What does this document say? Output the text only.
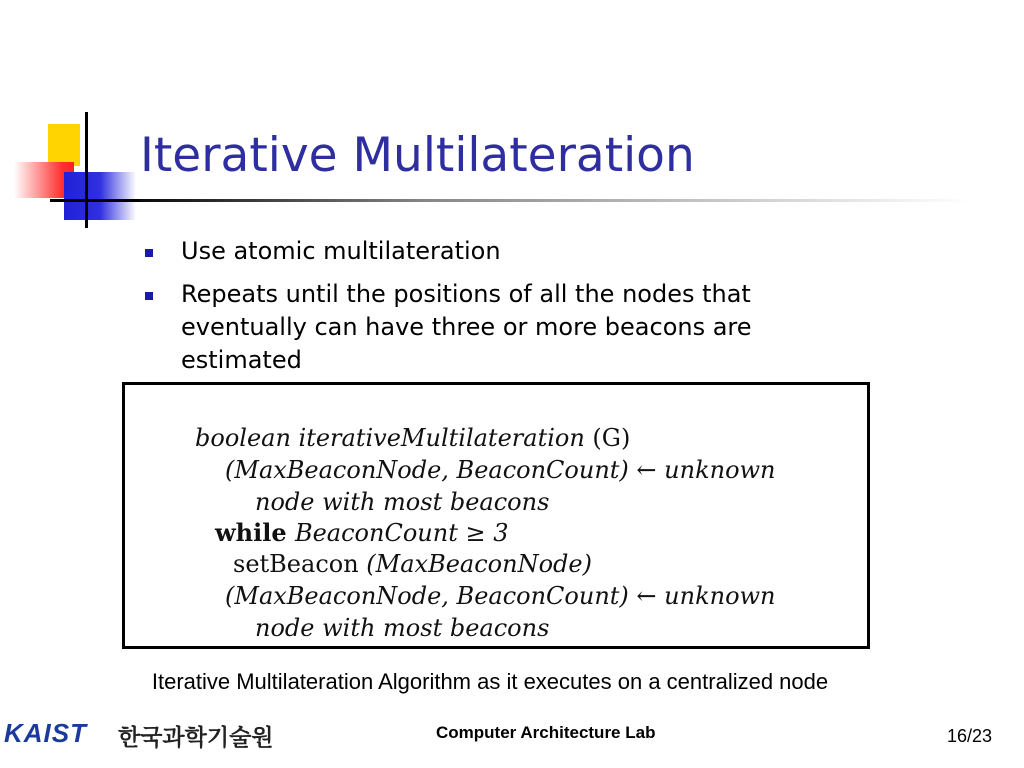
Iterative Multilateration
Use atomic multilateration
Repeats until the positions of all the nodes that eventually can have three or more beacons are estimated
boolean iterativeMultilateration (G)
(MaxBeaconNode, BeaconCount) ← unknown
node with most beacons
while BeaconCount ≥ 3
setBeacon (MaxBeaconNode)
(MaxBeaconNode, BeaconCount) ← unknown
node with most beacons
Iterative Multilateration Algorithm as it executes on a centralized node
KAIST 한국과학기술원	Computer Architecture Lab	16/23
